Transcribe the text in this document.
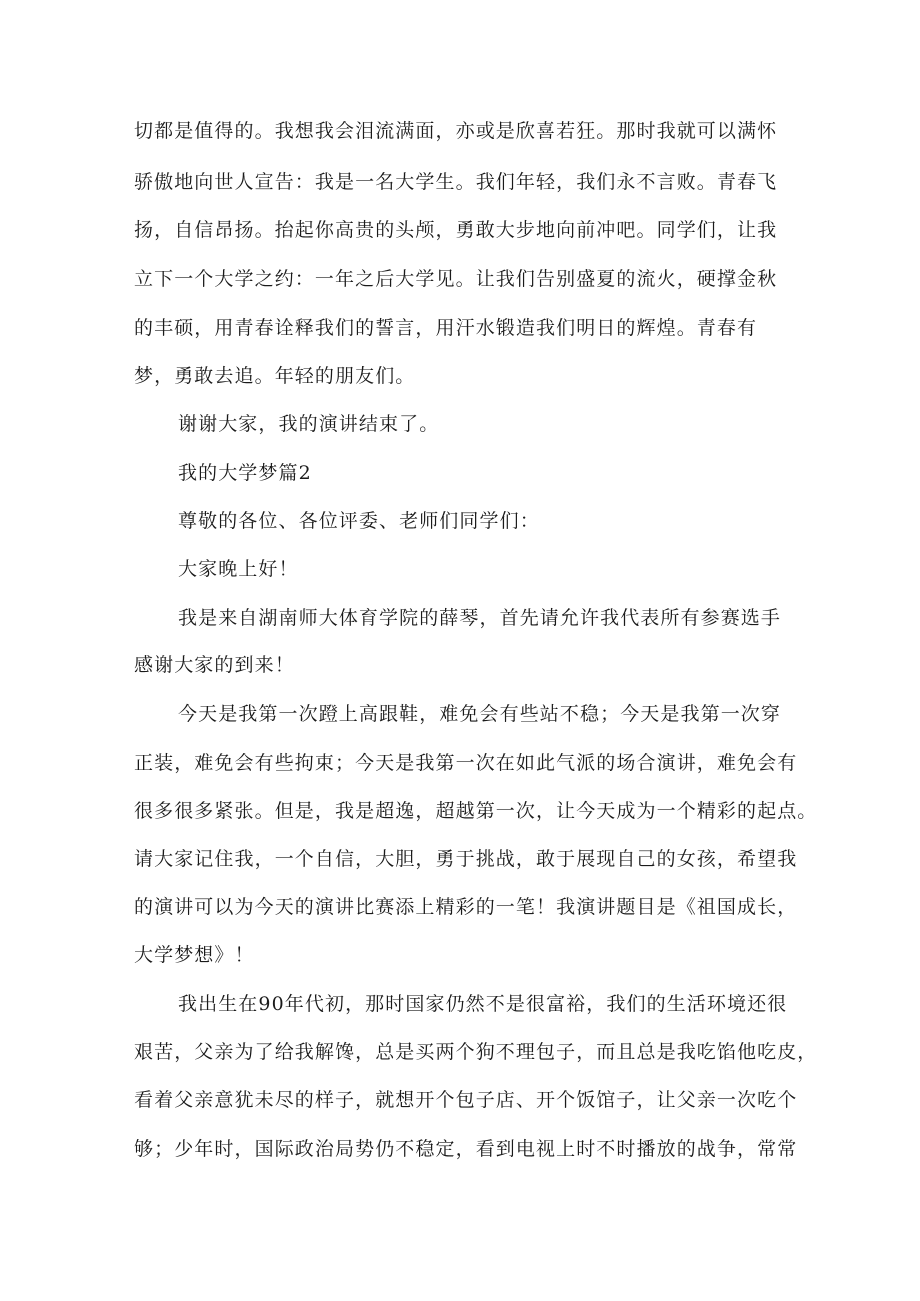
切都是值得的。我想我会泪流满面，亦或是欣喜若狂。那时我就可以满怀
骄傲地向世人宣告：我是一名大学生。我们年轻，我们永不言败。青春飞
扬，自信昂扬。抬起你高贵的头颅，勇敢大步地向前冲吧。同学们，让我
立下一个大学之约：一年之后大学见。让我们告别盛夏的流火，硬撑金秋
的丰硕，用青春诠释我们的誓言，用汗水锻造我们明日的辉煌。青春有
梦，勇敢去追。年轻的朋友们。
谢谢大家，我的演讲结束了。
我的大学梦篇2
尊敬的各位、各位评委、老师们同学们：
大家晚上好！
我是来自湖南师大体育学院的薛琴，首先请允许我代表所有参赛选手
感谢大家的到来！
今天是我第一次蹬上高跟鞋，难免会有些站不稳；今天是我第一次穿
正装，难免会有些拘束；今天是我第一次在如此气派的场合演讲，难免会有
很多很多紧张。但是，我是超逸，超越第一次，让今天成为一个精彩的起点。
请大家记住我，一个自信，大胆，勇于挑战，敢于展现自己的女孩，希望我
的演讲可以为今天的演讲比赛添上精彩的一笔！我演讲题目是《祖国成长，
大学梦想》！
我出生在90年代初，那时国家仍然不是很富裕，我们的生活环境还很
艰苦，父亲为了给我解馋，总是买两个狗不理包子，而且总是我吃馅他吃皮，
看着父亲意犹未尽的样子，就想开个包子店、开个饭馆子，让父亲一次吃个
够；少年时，国际政治局势仍不稳定，看到电视上时不时播放的战争，常常
